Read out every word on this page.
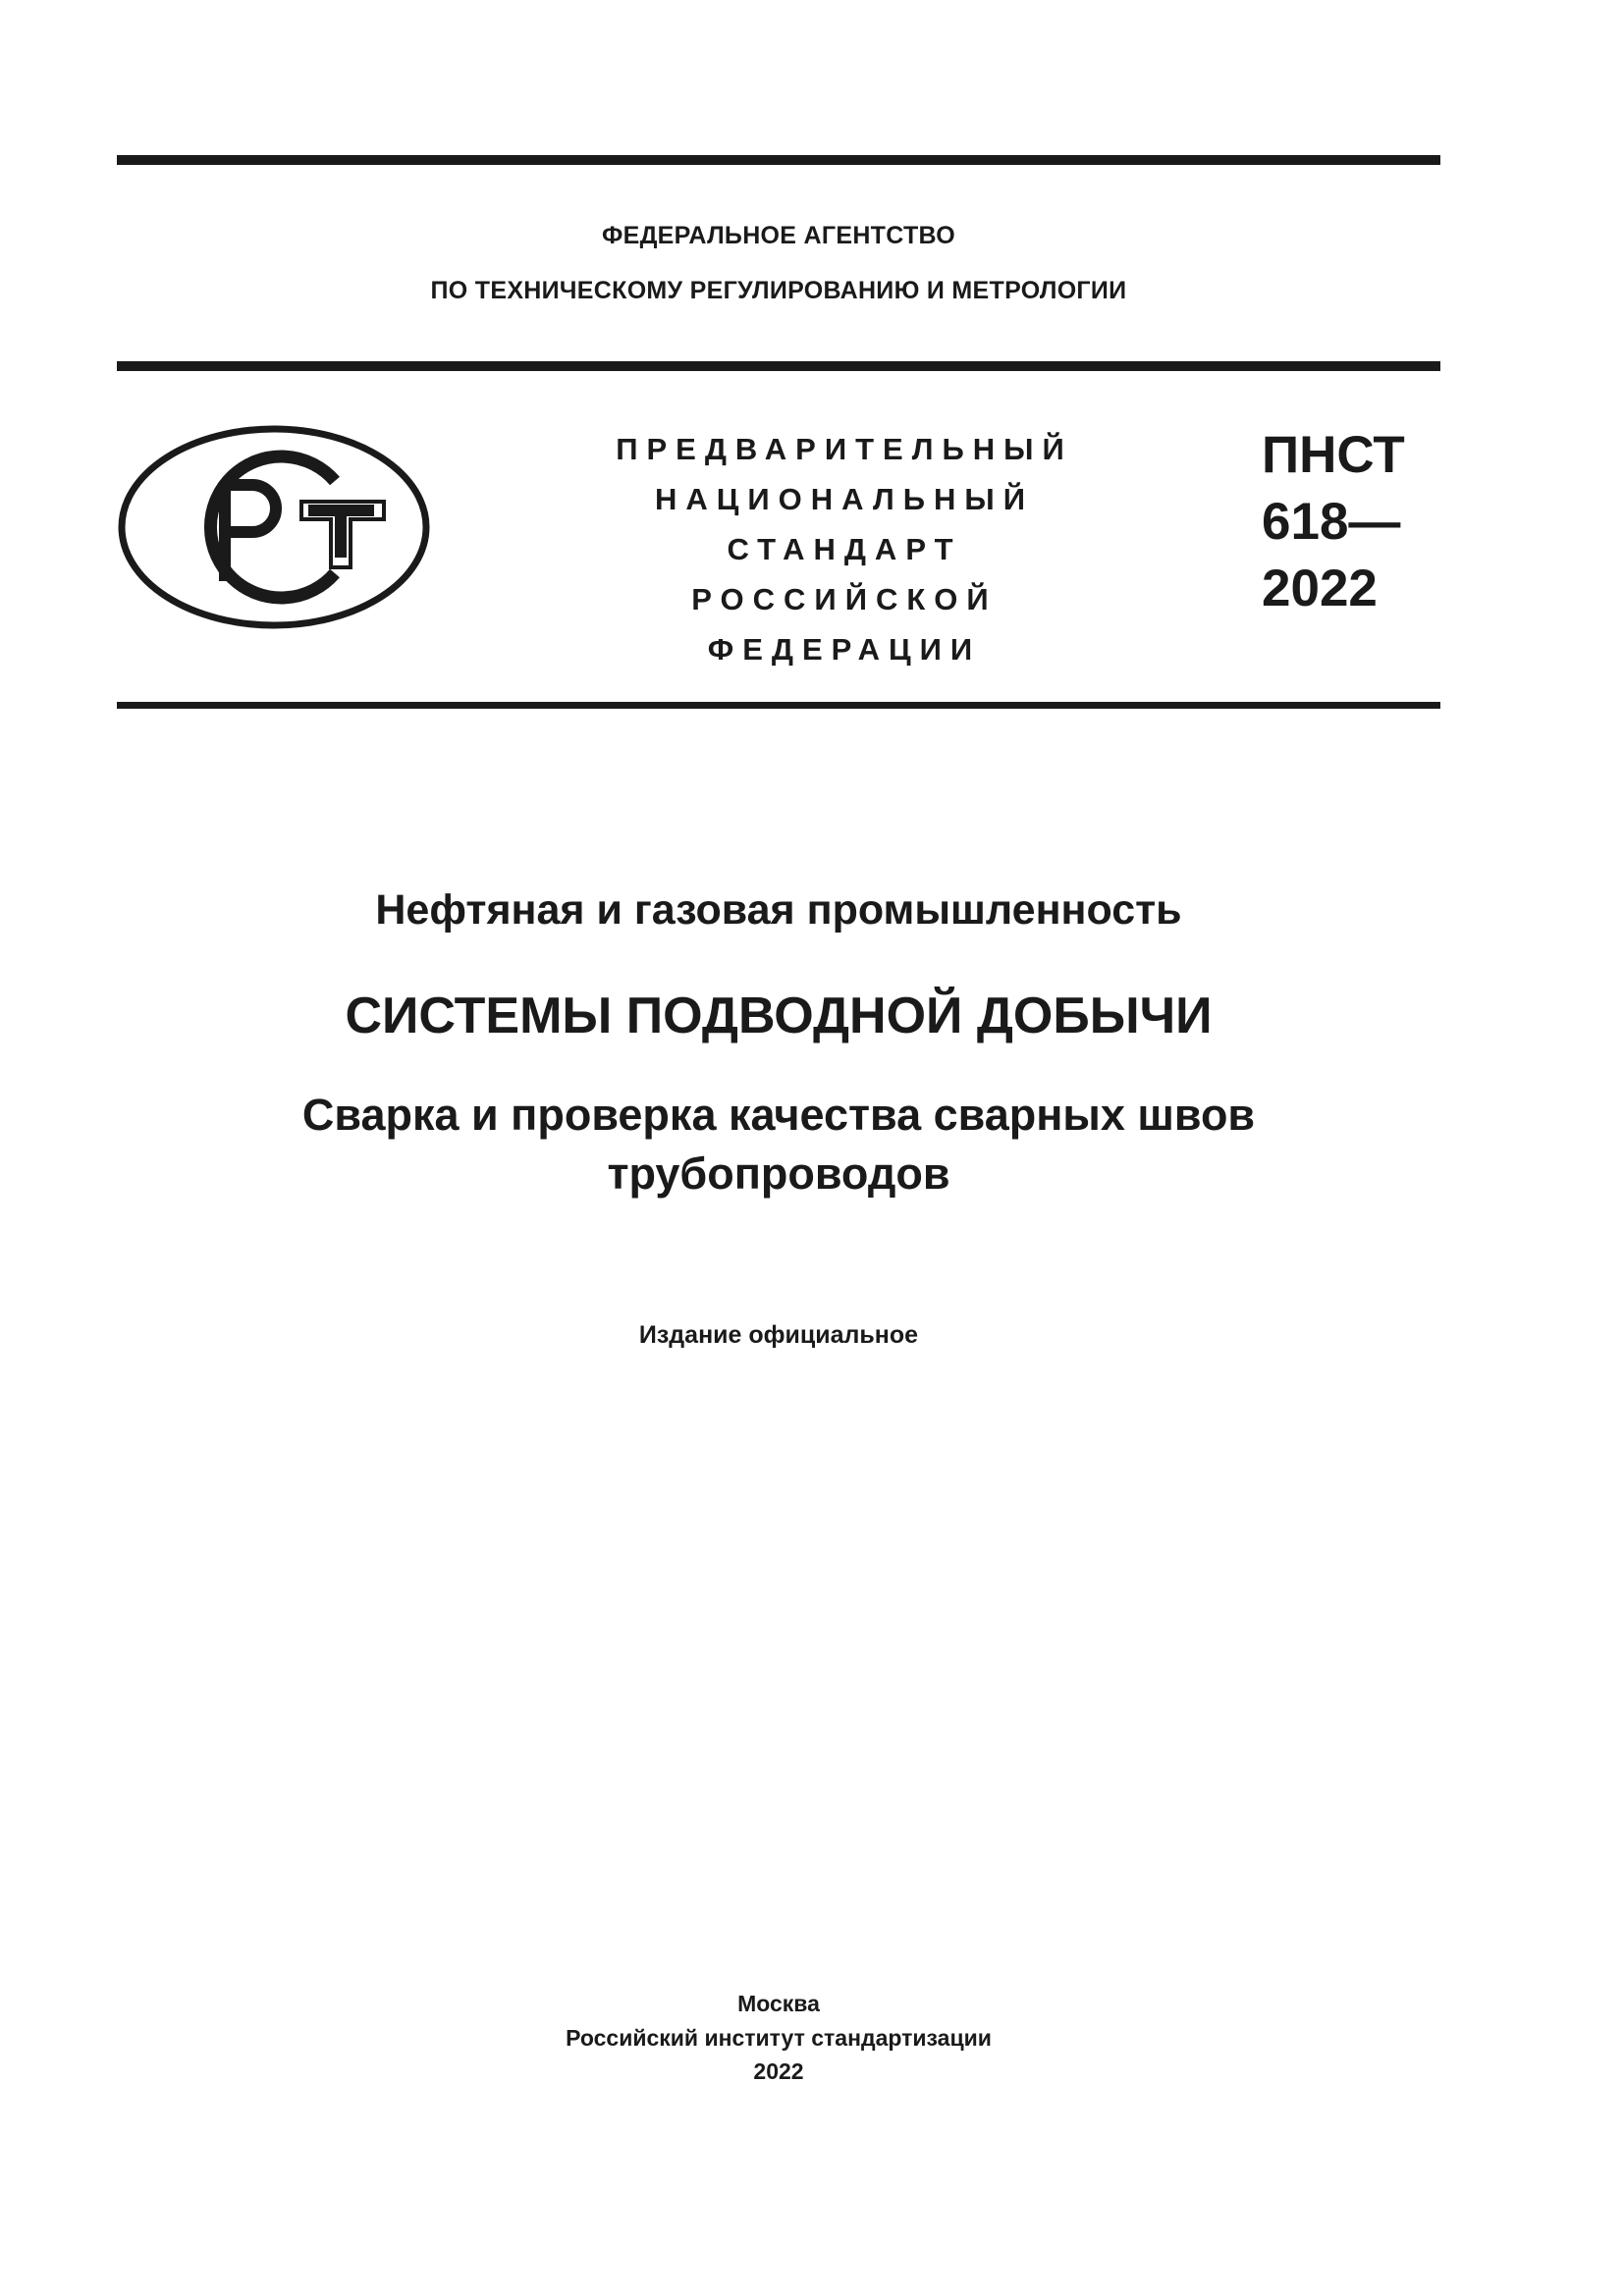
ФЕДЕРАЛЬНОЕ АГЕНТСТВО
ПО ТЕХНИЧЕСКОМУ РЕГУЛИРОВАНИЮ И МЕТРОЛОГИИ
ПРЕДВАРИТЕЛЬНЫЙ
НАЦИОНАЛЬНЫЙ
СТАНДАРТ
РОССИЙСКОЙ
ФЕДЕРАЦИИ
ПНСТ
618—
2022
Нефтяная и газовая промышленность
СИСТЕМЫ ПОДВОДНОЙ ДОБЫЧИ
Сварка и проверка качества сварных швов
трубопроводов
Издание официальное
Москва
Российский институт стандартизации
2022
